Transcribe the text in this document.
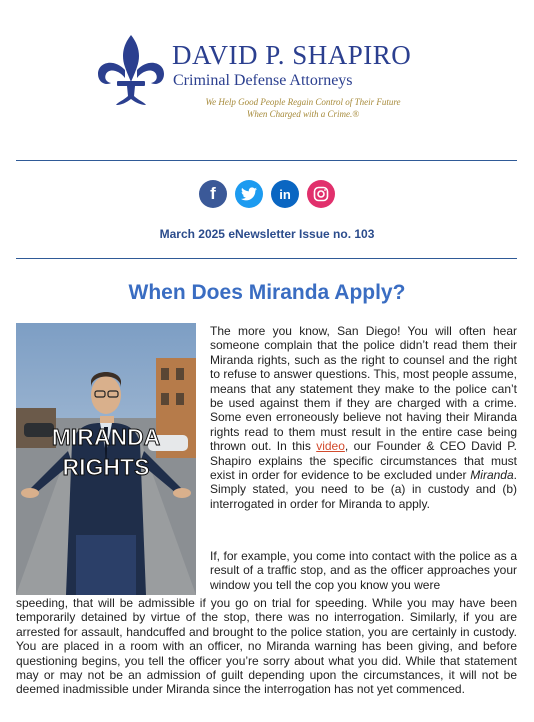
DAVID P. SHAPIRO
Criminal Defense Attorneys
We Help Good People Regain Control of Their Future
When Charged with a Crime.®
f	in
March 2025 eNewsletter Issue no. 103
When Does Miranda Apply?
MIRANDA
RIGHTS

The more you know, San Diego! You will often hear someone complain that the police didn’t read them their Miranda rights, such as the right to counsel and the right to refuse to answer questions. This, most people assume, means that any statement they make to the police can’t be used against them if they are charged with a crime. Some even erroneously believe not having their Miranda rights read to them must result in the entire case being thrown out. In this video, our Founder & CEO David P. Shapiro explains the specific circumstances that must exist in order for evidence to be excluded under Miranda. Simply stated, you need to be (a) in custody and (b) interrogated in order for Miranda to apply.

If, for example, you come into contact with the police as a result of a traffic stop, and as the officer approaches your window you tell the cop you know you were

speeding, that will be admissible if you go on trial for speeding. While you may have been temporarily detained by virtue of the stop, there was no interrogation. Similarly, if you are arrested for assault, handcuffed and brought to the police station, you are certainly in custody. You are placed in a room with an officer, no Miranda warning has been giving, and before questioning begins, you tell the officer you’re sorry about what you did. While that statement may or may not be an admission of guilt depending upon the circumstances, it will not be deemed inadmissible under Miranda since the interrogation has not yet commenced.
